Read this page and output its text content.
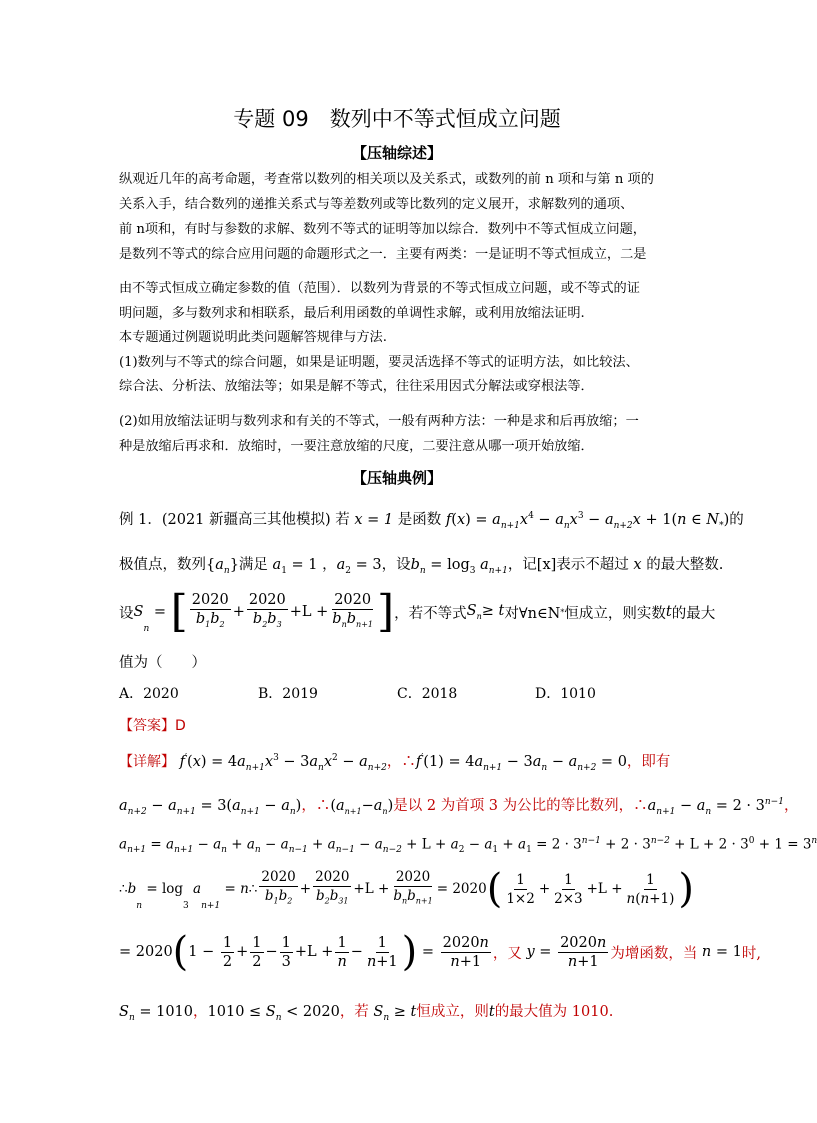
专题 09　数列中不等式恒成立问题
【压轴综述】
纵观近几年的高考命题，考查常以数列的相关项以及关系式，或数列的前 n 项和与第 n 项的
关系入手，结合数列的递推关系式与等差数列或等比数列的定义展开，求解数列的通项、
前 n项和，有时与参数的求解、数列不等式的证明等加以综合．数列中不等式恒成立问题，
是数列不等式的综合应用问题的命题形式之一．主要有两类：一是证明不等式恒成立，二是
由不等式恒成立确定参数的值（范围）．以数列为背景的不等式恒成立问题，或不等式的证
明问题，多与数列求和相联系，最后利用函数的单调性求解，或利用放缩法证明.
本专题通过例题说明此类问题解答规律与方法.
(1)数列与不等式的综合问题，如果是证明题，要灵活选择不等式的证明方法，如比较法、
综合法、分析法、放缩法等；如果是解不等式，往往采用因式分解法或穿根法等．
(2)如用放缩法证明与数列求和有关的不等式，一般有两种方法：一种是求和后再放缩；一
种是放缩后再求和．放缩时，一要注意放缩的尺度，二要注意从哪一项开始放缩．
【压轴典例】
例 1．(2021 新疆高三其他模拟) 若 x = 1 是函数 $f(x) = a_{n+1}x^4 - a_nx^3 - a_{n+2}x + 1(n$ ∈ $N_*$)的
极值点，数列$\{a_n\}$满足 $a_1 = 1$ ，$a_2 = 3$，设$b_n = \log_3 a_{n+1}$，记[x]表示不超过 x 的最大整数.
设 S
n
= [ $\frac{2020}{b_1b_2} + \frac{2020}{b_2b_3} +L + \frac{2020}{b_nb_{n+1}}$ ] ，若不等式 $S_n\ge t$ 对∀n∈N * 恒成立，则实数 t 的最大
值为（　　）
A．2020	B．2019	C．2018	D．1010
【答案】D
【详解】 $f'(x) = 4a_{n+1}x^3 - 3a_nx^2 - a_{n+2}$，∴f′(1) = $4a_{n+1} - 3a_n - a_{n+2} = 0$，即有
$a_{n+2} - a_{n+1} = 3(a_{n+1} - a_n)$，$\therefore(a_{n+1}-a_n)$是以 2 为首项 3 为公比的等比数列，$\therefore a_{n+1} - a_n = 2 \cdot 3^{n-1}$，
$a_{n+1} = a_{n+1} - a_n + a_n - a_{n-1} + a_{n-1} - a_{n-2} + L + a_2 - a_1 + a_1 = 2 \cdot 3^{n-1} + 2 \cdot 3^{n-2} + L + 2 \cdot 3^0 + 1 = 3^n$
∴ b
n
= log
3
a
n+1
= n ∴ $\frac{2020}{b_1b_2} + \frac{2020}{b_2b_{31}} +L + \frac{2020}{b_nb_{n+1}} = 2020$ ( $\frac{1}{1\times 2} + \frac{1}{2\times 3} +L + \frac{1}{n(n+1)}$ )
= 2020 ( $1 - \frac{1}{2} + \frac{1}{2} - \frac{1}{3} +L + \frac{1}{n} - \frac{1}{n+1}$ ) = $\frac{2020n}{n+1}$ ，又 $y = \frac{2020n}{n+1}$ 为增函数，当 n = 1 时,
$S_n = 1010$，$1010 \le S_n < 2020$，若 $S_n \ge t$恒成立，则t的最大值为 1010.
